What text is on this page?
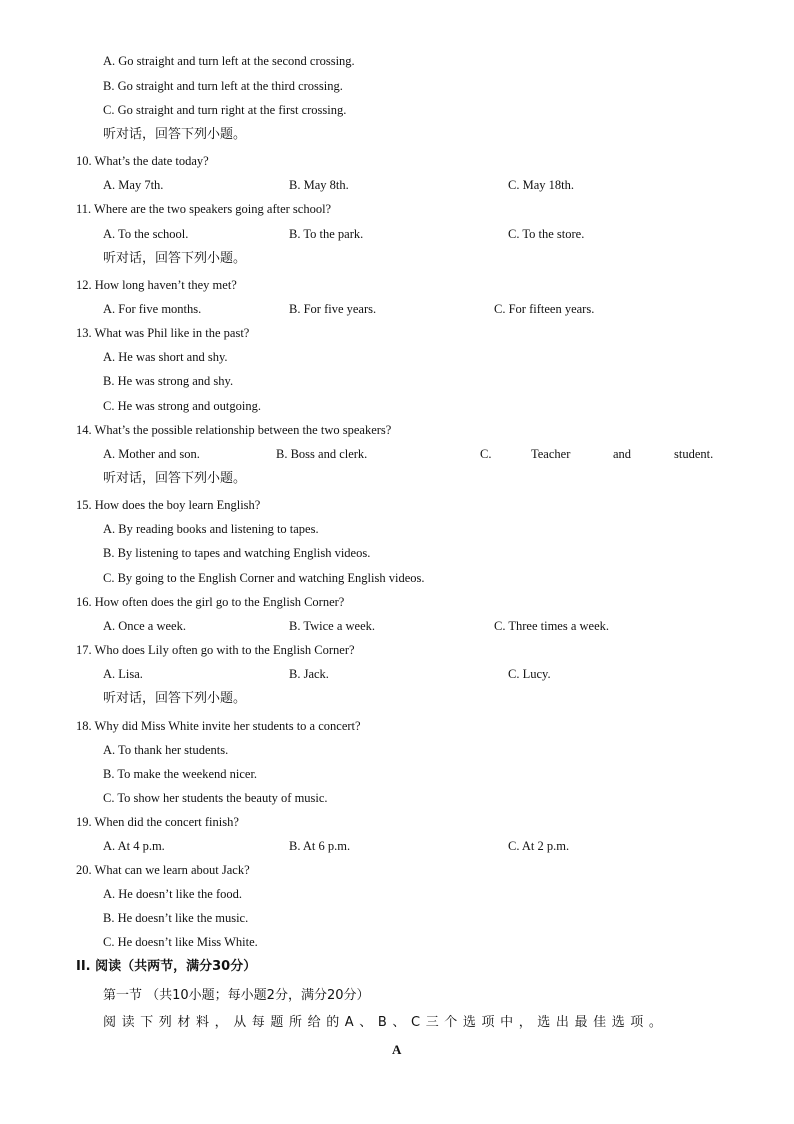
A. Go straight and turn left at the second crossing.
B. Go straight and turn left at the third crossing.
C. Go straight and turn right at the first crossing.
听对话，回答下列小题。
10. What’s the date today?
A. May 7th.	B. May 8th.	C. May 18th.
11. Where are the two speakers going after school?
A. To the school.	B. To the park.	C. To the store.
听对话，回答下列小题。
12. How long haven’t they met?
A. For five months.	B. For five years.	C. For fifteen years.
13. What was Phil like in the past?
A. He was short and shy.
B. He was strong and shy.
C. He was strong and outgoing.
14. What’s the possible relationship between the two speakers?
A. Mother and son.	B. Boss and clerk.	C.	Teacher	and	student.
听对话，回答下列小题。
15. How does the boy learn English?
A. By reading books and listening to tapes.
B. By listening to tapes and watching English videos.
C. By going to the English Corner and watching English videos.
16. How often does the girl go to the English Corner?
A. Once a week.	B. Twice a week.	C. Three times a week.
17. Who does Lily often go with to the English Corner?
A. Lisa.	B. Jack.	C. Lucy.
听对话，回答下列小题。
18. Why did Miss White invite her students to a concert?
A. To thank her students.
B. To make the weekend nicer.
C. To show her students the beauty of music.
19. When did the concert finish?
A. At 4 p.m.	B. At 6 p.m.	C. At 2 p.m.
20. What can we learn about Jack?
A. He doesn’t like the food.
B. He doesn’t like the music.
C. He doesn’t like Miss White.
II. 阅读（共两节，满分30分）
第一节 （共10小题；每小题2分，满分20分）
阅读下列材料，从每题所给的A、B、C三个选项中，选出最佳选项。
A
